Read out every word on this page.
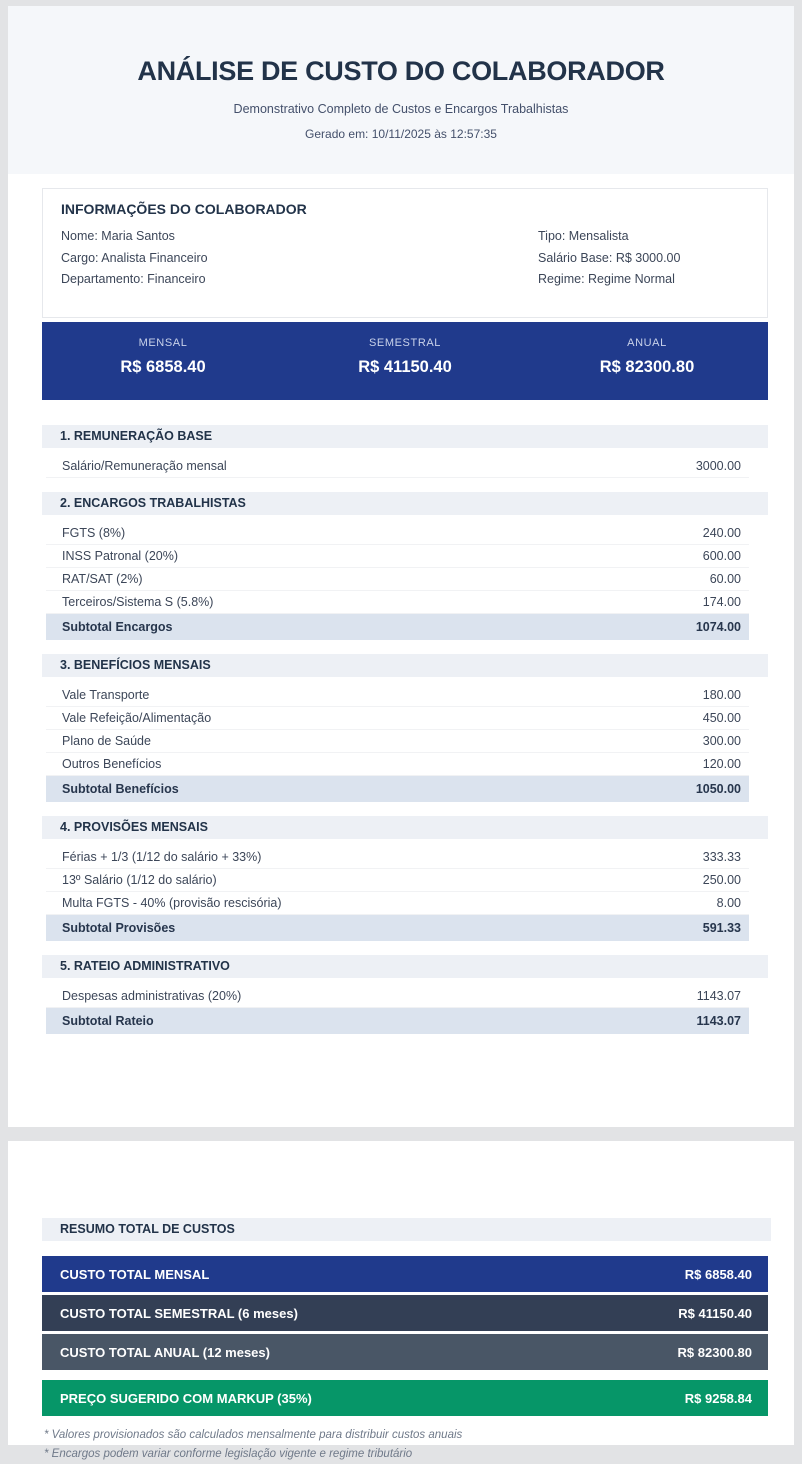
ANÁLISE DE CUSTO DO COLABORADOR
Demonstrativo Completo de Custos e Encargos Trabalhistas
Gerado em: 10/11/2025 às 12:57:35
INFORMAÇÕES DO COLABORADOR
Nome: Maria Santos
Cargo: Analista Financeiro
Departamento: Financeiro
Tipo: Mensalista
Salário Base: R$ 3000.00
Regime: Regime Normal
MENSAL
R$ 6858.40
SEMESTRAL
R$ 41150.40
ANUAL
R$ 82300.80
1. REMUNERAÇÃO BASE
Salário/Remuneração mensal	3000.00
2. ENCARGOS TRABALHISTAS
FGTS (8%)	240.00
INSS Patronal (20%)	600.00
RAT/SAT (2%)	60.00
Terceiros/Sistema S (5.8%)	174.00
Subtotal Encargos	1074.00
3. BENEFÍCIOS MENSAIS
Vale Transporte	180.00
Vale Refeição/Alimentação	450.00
Plano de Saúde	300.00
Outros Benefícios	120.00
Subtotal Benefícios	1050.00
4. PROVISÕES MENSAIS
Férias + 1/3 (1/12 do salário + 33%)	333.33
13º Salário (1/12 do salário)	250.00
Multa FGTS - 40% (provisão rescisória)	8.00
Subtotal Provisões	591.33
5. RATEIO ADMINISTRATIVO
Despesas administrativas (20%)	1143.07
Subtotal Rateio	1143.07
RESUMO TOTAL DE CUSTOS
CUSTO TOTAL MENSAL	R$ 6858.40
CUSTO TOTAL SEMESTRAL (6 meses)	R$ 41150.40
CUSTO TOTAL ANUAL (12 meses)	R$ 82300.80
PREÇO SUGERIDO COM MARKUP (35%)	R$ 9258.84
* Valores provisionados são calculados mensalmente para distribuir custos anuais
* Encargos podem variar conforme legislação vigente e regime tributário
